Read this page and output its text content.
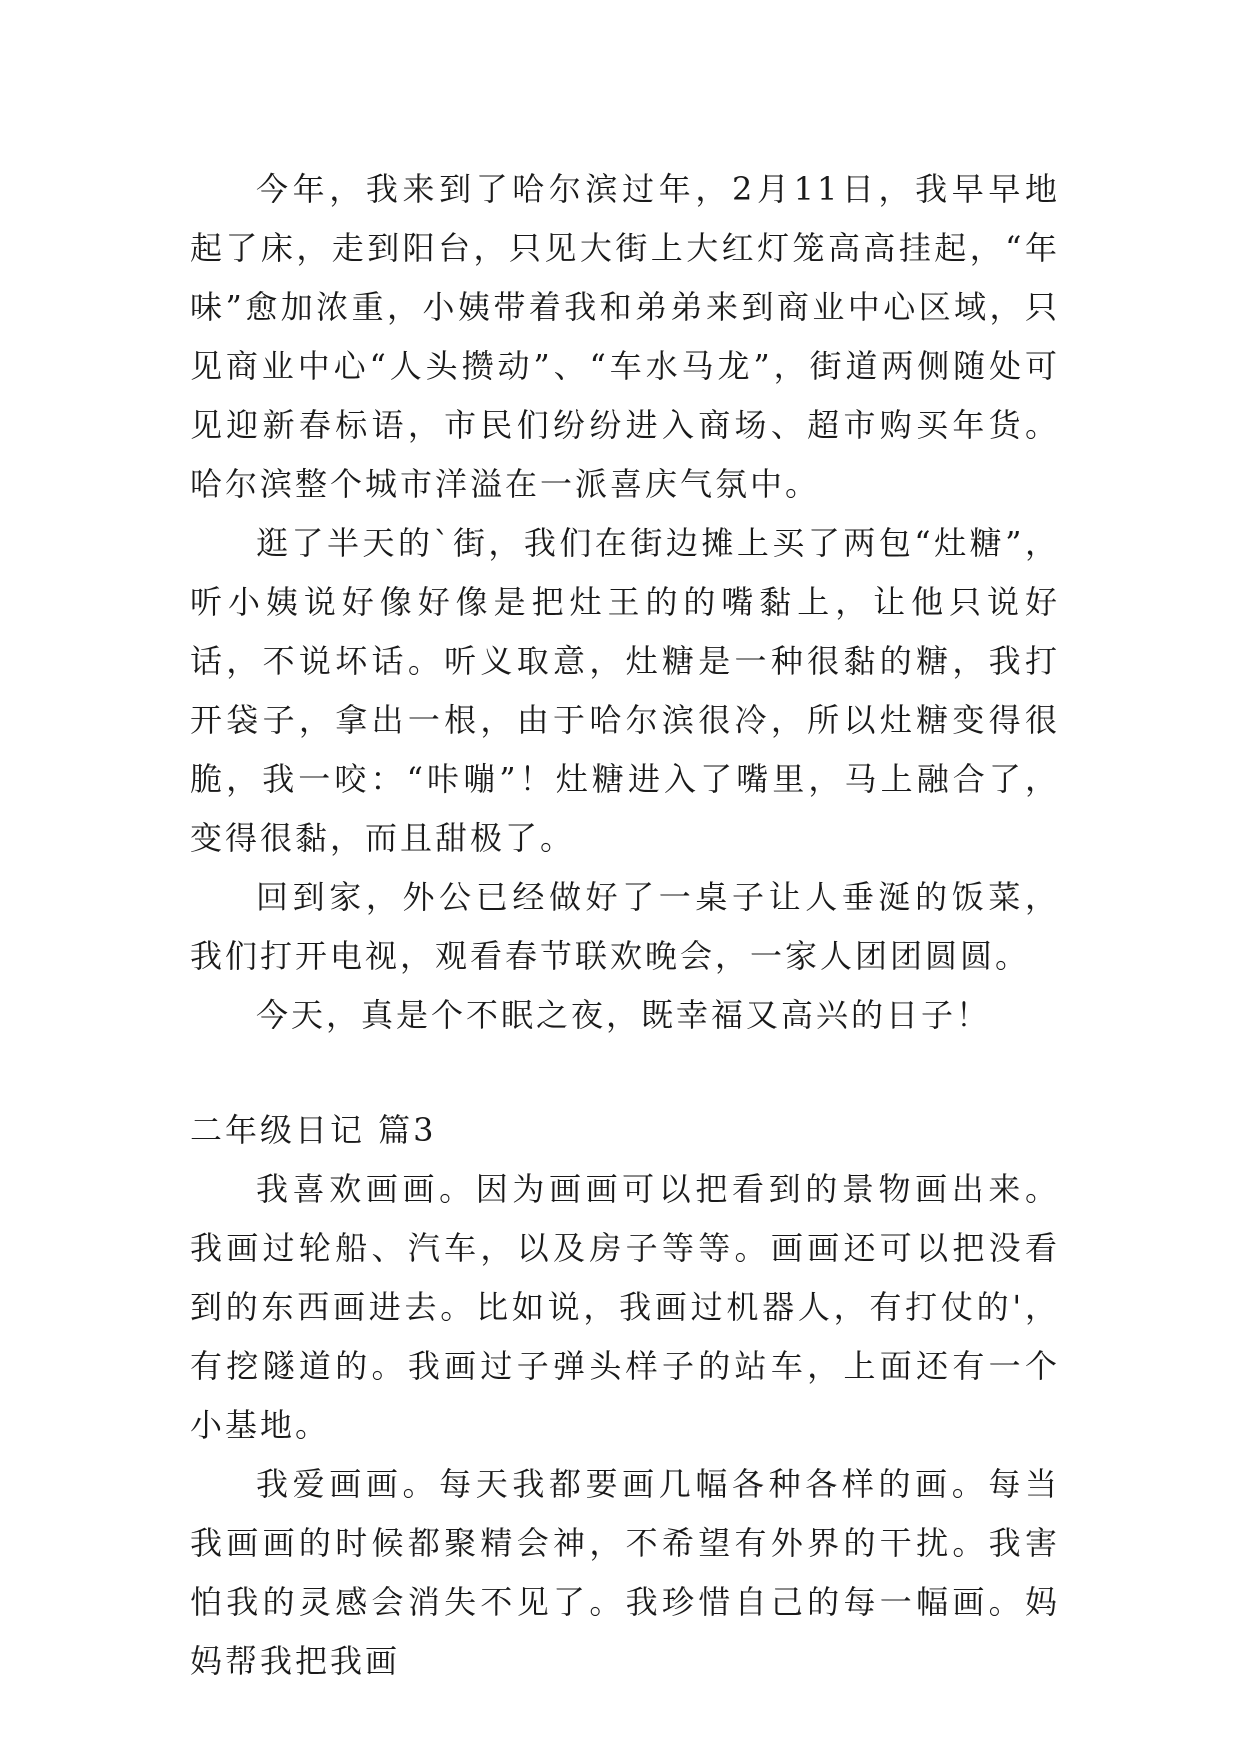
今年，我来到了哈尔滨过年，2月11日，我早早地起了床，走到阳台，只见大街上大红灯笼高高挂起，“年味”愈加浓重，小姨带着我和弟弟来到商业中心区域，只见商业中心“人头攒动”、“车水马龙”，街道两侧随处可见迎新春标语，市民们纷纷进入商场、超市购买年货。哈尔滨整个城市洋溢在一派喜庆气氛中。

逛了半天的`街，我们在街边摊上买了两包“灶糖”，听小姨说好像好像是把灶王的的嘴黏上，让他只说好话，不说坏话。听义取意，灶糖是一种很黏的糖，我打开袋子，拿出一根，由于哈尔滨很冷，所以灶糖变得很脆，我一咬：“咔嘣”！灶糖进入了嘴里，马上融合了，变得很黏，而且甜极了。

回到家，外公已经做好了一桌子让人垂涎的饭菜，我们打开电视，观看春节联欢晚会，一家人团团圆圆。

今天，真是个不眠之夜，既幸福又高兴的日子！

二年级日记 篇3

我喜欢画画。因为画画可以把看到的景物画出来。我画过轮船、汽车，以及房子等等。画画还可以把没看到的东西画进去。比如说，我画过机器人，有打仗的'，有挖隧道的。我画过子弹头样子的站车，上面还有一个小基地。

我爱画画。每天我都要画几幅各种各样的画。每当我画画的时候都聚精会神，不希望有外界的干扰。我害怕我的灵感会消失不见了。我珍惜自己的每一幅画。妈妈帮我把我画
